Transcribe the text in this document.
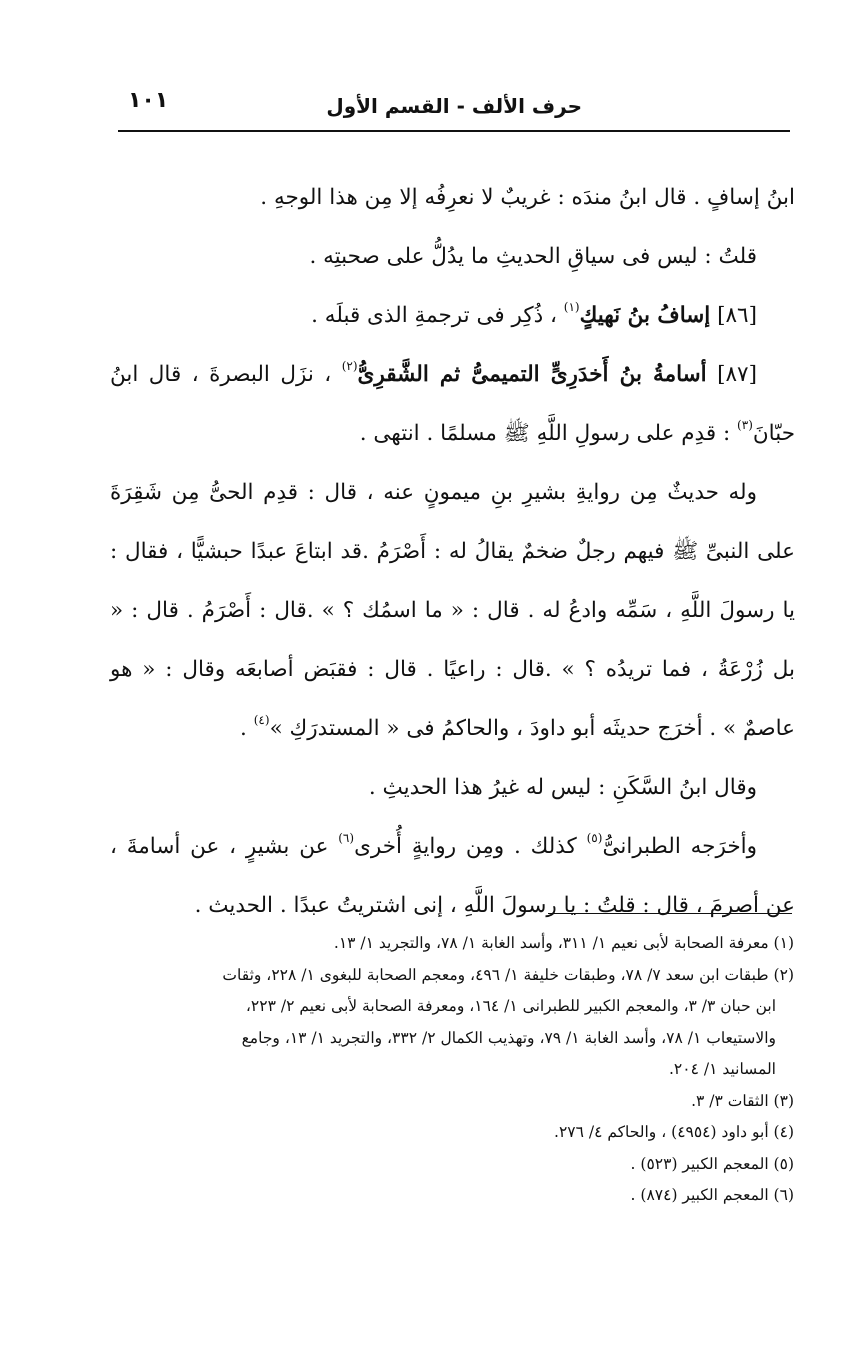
حرف الألف - القسم الأول
١٠١

ابنُ إسافٍ . قال ابنُ مندَه : غريبٌ لا نعرِفُه إلا مِن هذا الوجهِ .

قلتُ : ليس فى سياقِ الحديثِ ما يدُلُّ على صحبتِه .

[٨٦] إسافُ بنُ نَهيكٍ$^{(١)}$ ، ذُكِر فى ترجمةِ الذى قبلَه .

[٨٧] أسامةُ بنُ أَخدَرِىٍّ التميمىُّ ثم الشَّقرِىُّ$^{(٢)}$ ، نزَل البصرةَ ، قال ابنُ حبّانَ$^{(٣)}$ : قدِم على رسولِ اللَّهِ ﷺ مسلمًا . انتهى .

وله حديثٌ مِن روايةِ بشيرِ بنِ ميمونٍ عنه ، قال : قدِم الحىُّ مِن شَقِرَةَ على النبىِّ ﷺ فيهم رجلٌ ضخمٌ يقالُ له : أَصْرَمُ .قد ابتاعَ عبدًا حبشيًّا ، فقال : يا رسولَ اللَّهِ ، سَمِّه وادعُ له . قال : « ما اسمُك ؟ » .قال : أَصْرَمُ . قال : « بل زُرْعَةُ ، فما تريدُه ؟ » .قال : راعيًا . قال : فقبَض أصابعَه وقال : « هو عاصمٌ » . أخرَج حديثَه أبو داودَ ، والحاكمُ فى « المستدرَكِ »$^{(٤)}$ .

وقال ابنُ السَّكَنِ : ليس له غيرُ هذا الحديثِ .

وأخرَجه الطبرانىُّ$^{(٥)}$ كذلك . ومِن روايةٍ أُخرى$^{(٦)}$ عن بشيرٍ ، عن أسامةَ ، عن أصرمَ ، قال : قلتُ : يا رسولَ اللَّهِ ، إنى اشتريتُ عبدًا . الحديث .

(١) معرفة الصحابة لأبى نعيم ١/ ٣١١، وأسد الغابة ١/ ٧٨، والتجريد ١/ ١٣.

(٢) طبقات ابن سعد ٧/ ٧٨، وطبقات خليفة ١/ ٤٩٦، ومعجم الصحابة للبغوى ١/ ٢٢٨، وثقات

ابن حبان ٣/ ٣، والمعجم الكبير للطبرانى ١/ ١٦٤، ومعرفة الصحابة لأبى نعيم ٢/ ٢٢٣،

والاستيعاب ١/ ٧٨، وأسد الغابة ١/ ٧٩، وتهذيب الكمال ٢/ ٣٣٢، والتجريد ١/ ١٣، وجامع

المسانيد ١/ ٢٠٤.

(٣) الثقات ٣/ ٣.

(٤) أبو داود (٤٩٥٤) ، والحاكم ٤/ ٢٧٦.

(٥) المعجم الكبير (٥٢٣) .

(٦) المعجم الكبير (٨٧٤) .
